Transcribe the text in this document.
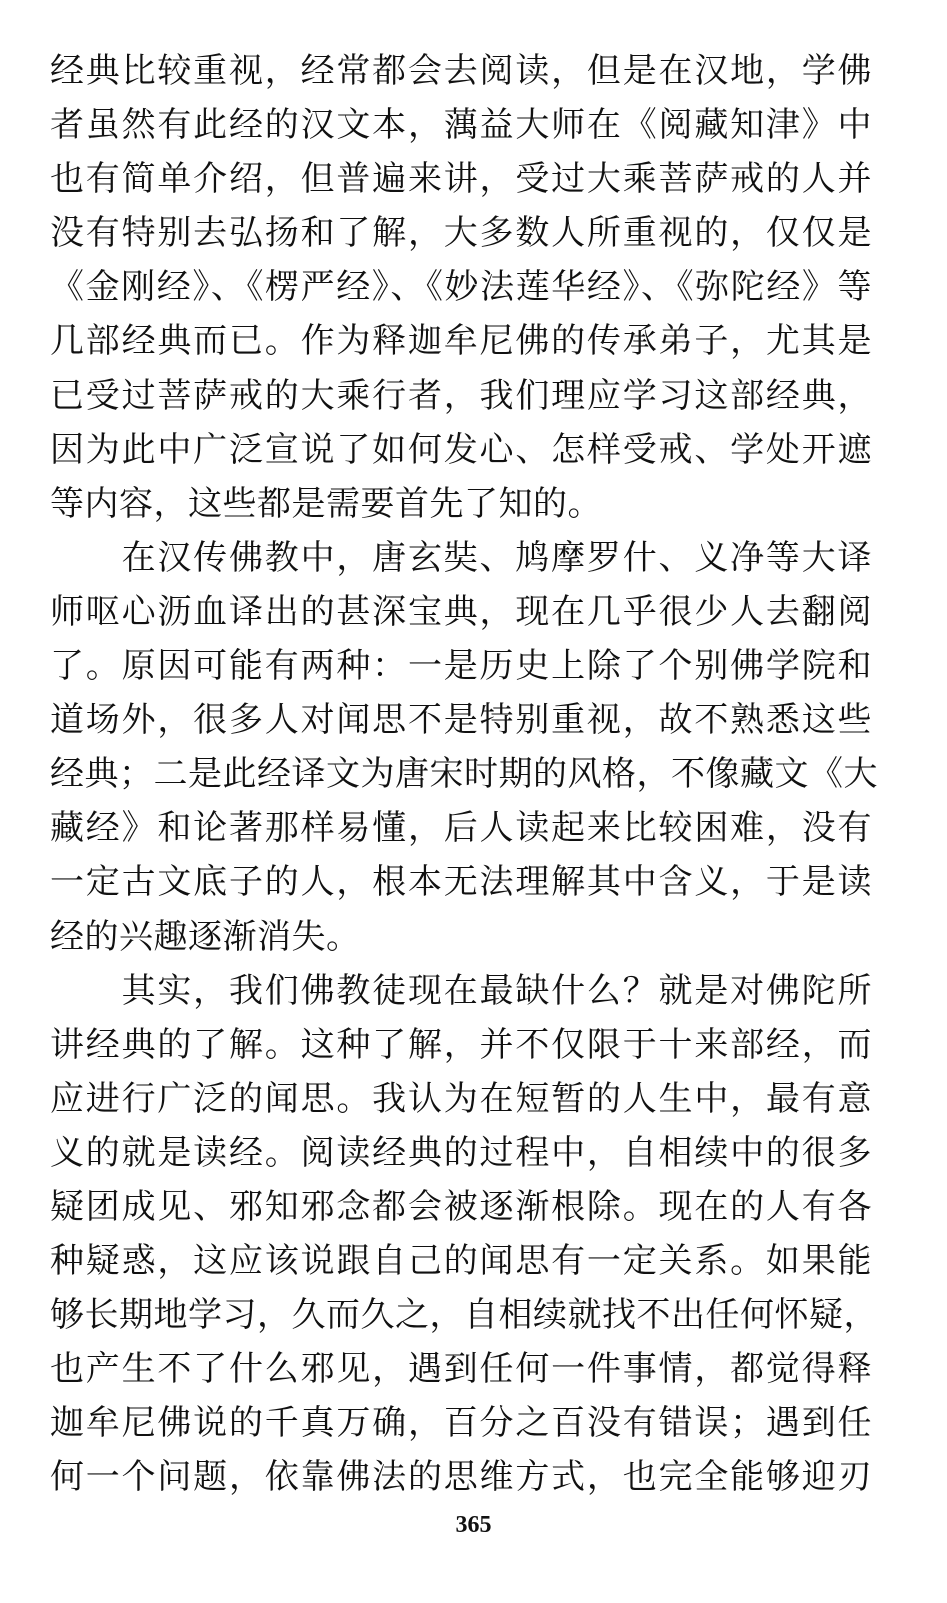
经典比较重视，经常都会去阅读，但是在汉地，学佛
者虽然有此经的汉文本，蕅益大师在《阅藏知津》中
也有简单介绍，但普遍来讲，受过大乘菩萨戒的人并
没有特别去弘扬和了解，大多数人所重视的，仅仅是
《金刚经》、《楞严经》、《妙法莲华经》、《弥陀经》等
几部经典而已。作为释迦牟尼佛的传承弟子，尤其是
已受过菩萨戒的大乘行者，我们理应学习这部经典，
因为此中广泛宣说了如何发心、怎样受戒、学处开遮
等内容，这些都是需要首先了知的。
　　在汉传佛教中，唐玄奘、鸠摩罗什、义净等大译
师呕心沥血译出的甚深宝典，现在几乎很少人去翻阅
了。原因可能有两种：一是历史上除了个别佛学院和
道场外，很多人对闻思不是特别重视，故不熟悉这些
经典；二是此经译文为唐宋时期的风格，不像藏文《大
藏经》和论著那样易懂，后人读起来比较困难，没有
一定古文底子的人，根本无法理解其中含义，于是读
经的兴趣逐渐消失。
　　其实，我们佛教徒现在最缺什么？就是对佛陀所
讲经典的了解。这种了解，并不仅限于十来部经，而
应进行广泛的闻思。我认为在短暂的人生中，最有意
义的就是读经。阅读经典的过程中，自相续中的很多
疑团成见、邪知邪念都会被逐渐根除。现在的人有各
种疑惑，这应该说跟自己的闻思有一定关系。如果能
够长期地学习，久而久之，自相续就找不出任何怀疑，
也产生不了什么邪见，遇到任何一件事情，都觉得释
迦牟尼佛说的千真万确，百分之百没有错误；遇到任
何一个问题，依靠佛法的思维方式，也完全能够迎刃
365
